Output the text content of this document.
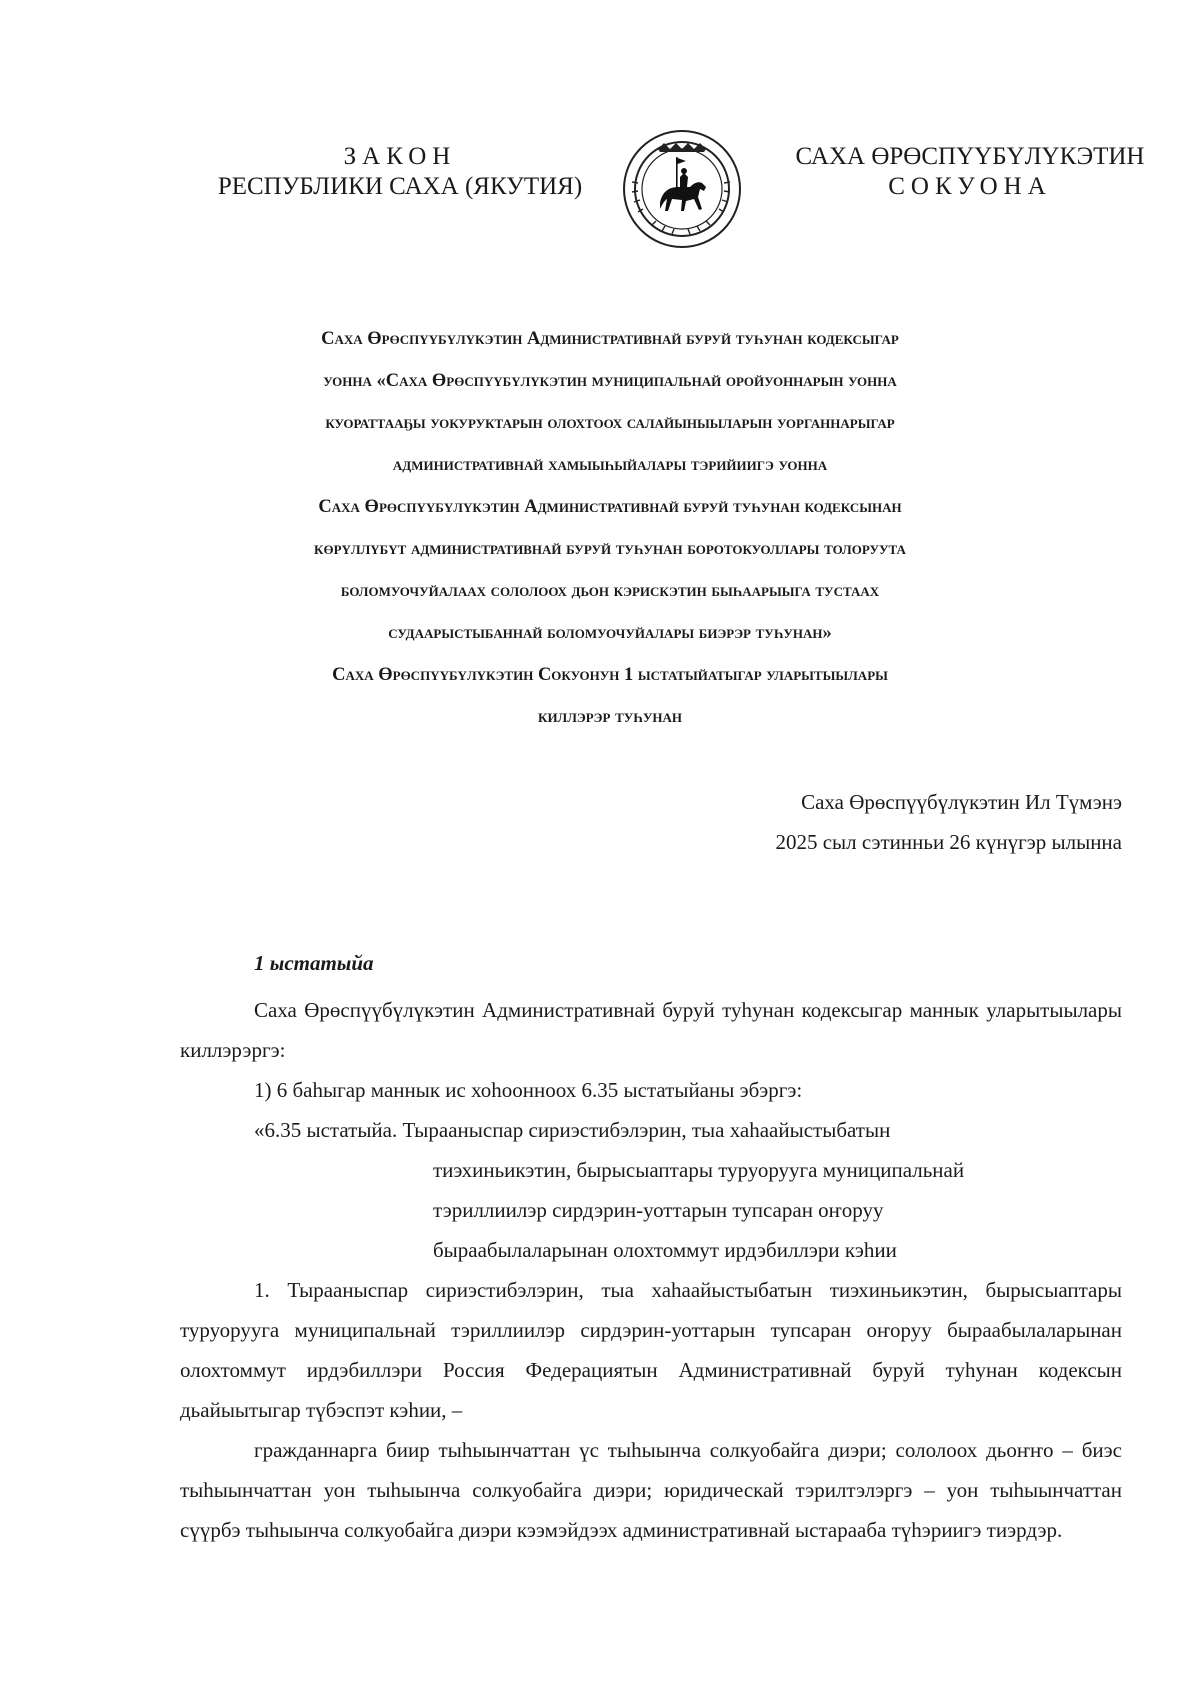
ЗАКОН
РЕСПУБЛИКИ САХА (ЯКУТИЯ)
САХА ӨРӨСПҮҮБҮЛҮКЭТИН
СОКУОНА
Саха Өрөспүүбүлүкэтин Административнай буруй туһунан кодексыгар
уонна «Саха Өрөспүүбүлүкэтин муниципальнай оройуоннарын уонна
куораттааҕы уокуруктарын олохтоох салайыныыларын уорганнарыгар
административнай хамыыһыйалары тэрийиигэ уонна
Саха Өрөспүүбүлүкэтин Административнай буруй туһунан кодексынан
көрүллүбүт административнай буруй туһунан боротокуоллары толоруута
боломуочуйалаах сололоох дьон кэрискэтин быһаарыыга тустаах
судаарыстыбаннай боломуочуйалары биэрэр туһунан»
Саха Өрөспүүбүлүкэтин Сокуонун 1 ыстатыйатыгар уларытыылары
киллэрэр туһунан
Саха Өрөспүүбүлүкэтин Ил Түмэнэ
2025 сыл сэтинньи 26 күнүгэр ылынна
1 ыстатыйа

Саха Өрөспүүбүлүкэтин Административнай буруй туһунан кодексыгар маннык уларытыылары киллэрэргэ:

1) 6 баһыгар маннык ис хоһоонноох 6.35 ыстатыйаны эбэргэ:

«6.35 ыстатыйа. Тырааныспар сириэстибэлэрин, тыа хаһаайыстыбатын

тиэхиньикэтин, бырысыаптары туруорууга муниципальнай

тэриллиилэр сирдэрин-уоттарын тупсаран оҥоруу

быраабылаларынан олохтоммут ирдэбиллэри кэһии

1. Тырааныспар сириэстибэлэрин, тыа хаһаайыстыбатын тиэхиньикэтин, бырысыаптары туруорууга муниципальнай тэриллиилэр сирдэрин-уоттарын тупсаран оҥоруу быраабылаларынан олохтоммут ирдэбиллэри Россия Федерациятын Административнай буруй туһунан кодексын дьайыытыгар түбэспэт кэһии, –

гражданнарга биир тыһыынчаттан үс тыһыынча солкуобайга диэри; сололоох дьоҥҥо – биэс тыһыынчаттан уон тыһыынча солкуобайга диэри; юридическай тэрилтэлэргэ – уон тыһыынчаттан сүүрбэ тыһыынча солкуобайга диэри кээмэйдээх административнай ыстарааба түһэриигэ тиэрдэр.
